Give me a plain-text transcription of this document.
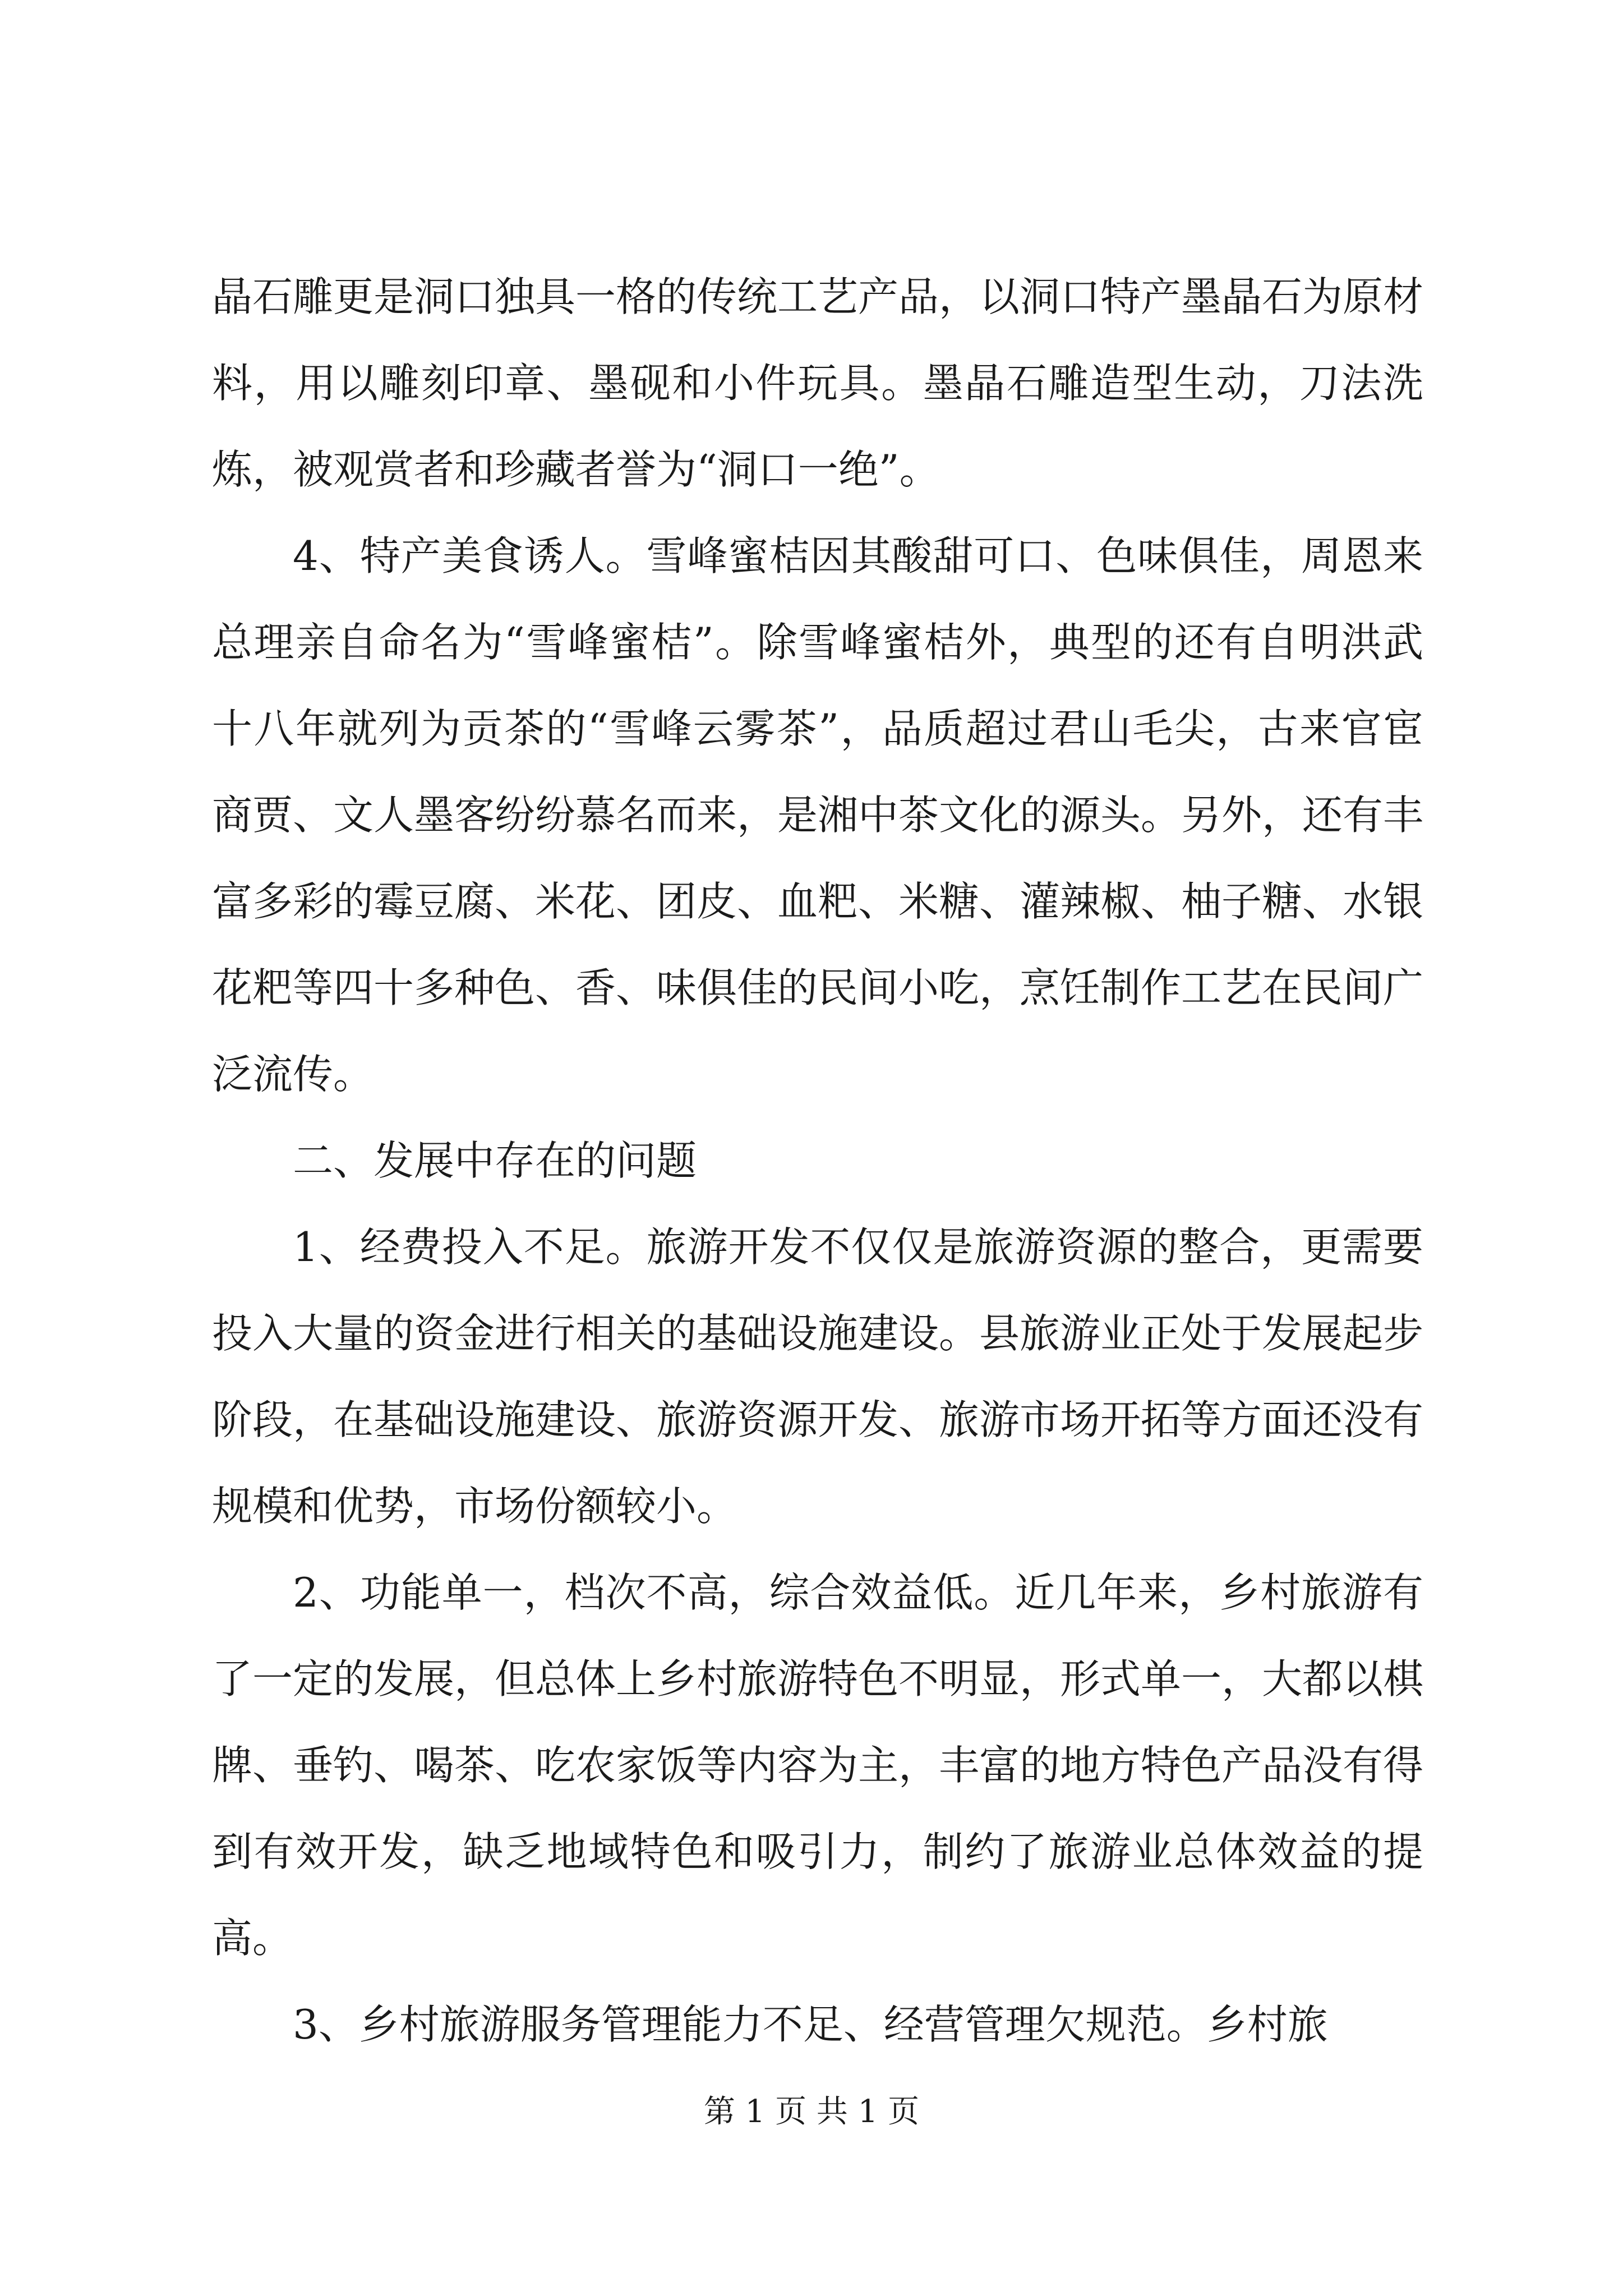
晶石雕更是洞口独具一格的传统工艺产品，以洞口特产墨晶石为原材料，用以雕刻印章、墨砚和小件玩具。墨晶石雕造型生动，刀法洗炼，被观赏者和珍藏者誉为“洞口一绝”。

4、特产美食诱人。雪峰蜜桔因其酸甜可口、色味俱佳，周恩来总理亲自命名为“雪峰蜜桔”。除雪峰蜜桔外，典型的还有自明洪武十八年就列为贡茶的“雪峰云雾茶”，品质超过君山毛尖，古来官宦商贾、文人墨客纷纷慕名而来，是湘中茶文化的源头。另外，还有丰富多彩的霉豆腐、米花、团皮、血粑、米糖、灌辣椒、柚子糖、水银花粑等四十多种色、香、味俱佳的民间小吃，烹饪制作工艺在民间广泛流传。

二、发展中存在的问题

1、经费投入不足。旅游开发不仅仅是旅游资源的整合，更需要投入大量的资金进行相关的基础设施建设。县旅游业正处于发展起步阶段，在基础设施建设、旅游资源开发、旅游市场开拓等方面还没有规模和优势，市场份额较小。

2、功能单一，档次不高，综合效益低。近几年来，乡村旅游有了一定的发展，但总体上乡村旅游特色不明显，形式单一，大都以棋牌、垂钓、喝茶、吃农家饭等内容为主，丰富的地方特色产品没有得到有效开发，缺乏地域特色和吸引力，制约了旅游业总体效益的提高。

3、乡村旅游服务管理能力不足、经营管理欠规范。乡村旅

第 1 页 共 1 页
